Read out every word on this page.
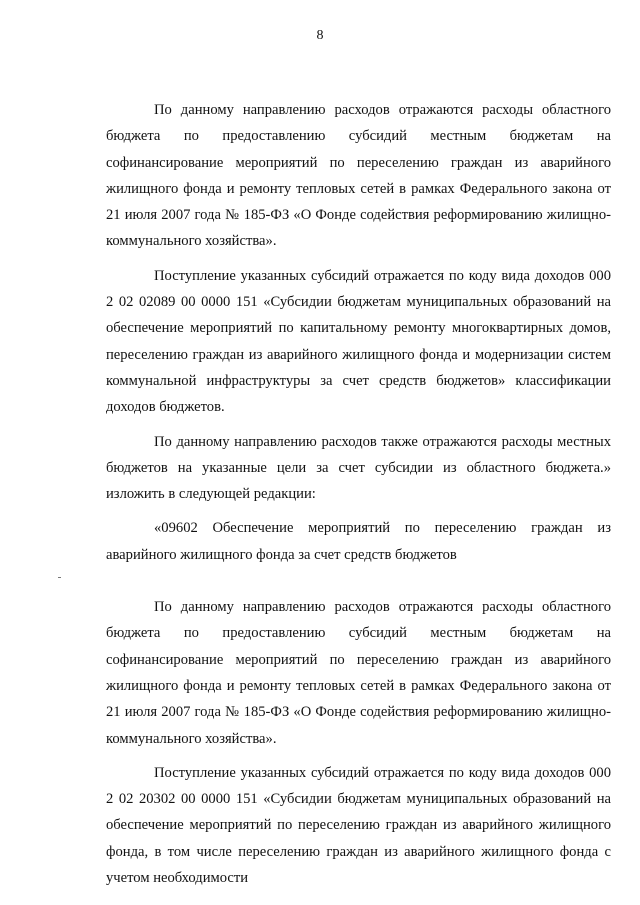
8

По данному направлению расходов отражаются расходы областного бюджета по предоставлению субсидий местным бюджетам на софинансирование мероприятий по переселению граждан из аварийного жилищного фонда и ремонту тепловых сетей в рамках Федерального закона от 21 июля 2007 года № 185-ФЗ «О Фонде содействия реформированию жилищно-коммунального хозяйства».

Поступление указанных субсидий отражается по коду вида доходов 000 2 02 02089 00 0000 151 «Субсидии бюджетам муниципальных образований на обеспечение мероприятий по капитальному ремонту многоквартирных домов, переселению граждан из аварийного жилищного фонда и модернизации систем коммунальной инфраструктуры за счет средств бюджетов» классификации доходов бюджетов.

По данному направлению расходов также отражаются расходы местных бюджетов на указанные цели за счет субсидии из областного бюджета.» изложить в следующей редакции:

«09602 Обеспечение мероприятий по переселению граждан из аварийного жилищного фонда за счет средств бюджетов

По данному направлению расходов отражаются расходы областного бюджета по предоставлению субсидий местным бюджетам на софинансирование мероприятий по переселению граждан из аварийного жилищного фонда и ремонту тепловых сетей в рамках Федерального закона от 21 июля 2007 года № 185-ФЗ «О Фонде содействия реформированию жилищно-коммунального хозяйства».

Поступление указанных субсидий отражается по коду вида доходов 000 2 02 20302 00 0000 151 «Субсидии бюджетам муниципальных образований на обеспечение мероприятий по переселению граждан из аварийного жилищного фонда, в том числе переселению граждан из аварийного жилищного фонда с учетом необходимости
